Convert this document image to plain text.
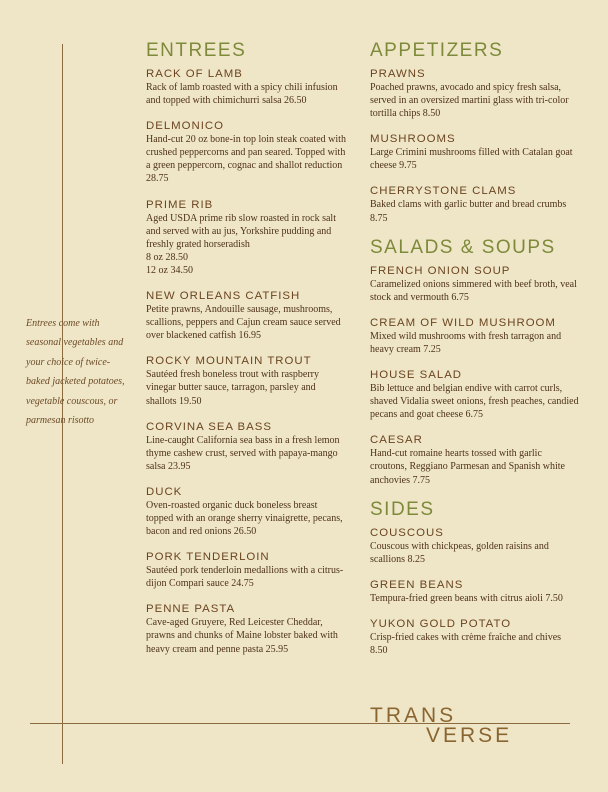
Entrees come with seasonal vegetables and your choice of twice-baked jacketed potatoes, vegetable couscous, or parmesan risotto
ENTREES
RACK OF LAMB
Rack of lamb roasted with a spicy chili infusion and topped with chimichurri salsa 26.50
DELMONICO
Hand-cut 20 oz bone-in top loin steak coated with crushed peppercorns and pan seared. Topped with a green peppercorn, cognac and shallot reduction 28.75
PRIME RIB
Aged USDA prime rib slow roasted in rock salt and served with au jus, Yorkshire pudding and freshly grated horseradish
8 oz 28.50
12 oz 34.50
NEW ORLEANS CATFISH
Petite prawns, Andouille sausage, mushrooms, scallions, peppers and Cajun cream sauce served over blackened catfish 16.95
ROCKY MOUNTAIN TROUT
Sautéed fresh boneless trout with raspberry vinegar butter sauce, tarragon, parsley and shallots 19.50
CORVINA SEA BASS
Line-caught California sea bass in a fresh lemon thyme cashew crust, served with papaya-mango salsa 23.95
DUCK
Oven-roasted organic duck boneless breast topped with an orange sherry vinaigrette, pecans, bacon and red onions 26.50
PORK TENDERLOIN
Sautéed pork tenderloin medallions with a citrus-dijon Compari sauce 24.75
PENNE PASTA
Cave-aged Gruyere, Red Leicester Cheddar, prawns and chunks of Maine lobster baked with heavy cream and penne pasta 25.95
APPETIZERS
PRAWNS
Poached prawns, avocado and spicy fresh salsa, served in an oversized martini glass with tri-color tortilla chips 8.50
MUSHROOMS
Large Crimini mushrooms filled with Catalan goat cheese 9.75
CHERRYSTONE CLAMS
Baked clams with garlic butter and bread crumbs 8.75
SALADS & SOUPS
FRENCH ONION SOUP
Caramelized onions simmered with beef broth, veal stock and vermouth 6.75
CREAM OF WILD MUSHROOM
Mixed wild mushrooms with fresh tarragon and heavy cream 7.25
HOUSE SALAD
Bib lettuce and belgian endive with carrot curls, shaved Vidalia sweet onions, fresh peaches, candied pecans and goat cheese 6.75
CAESAR
Hand-cut romaine hearts tossed with garlic croutons, Reggiano Parmesan and Spanish white anchovies 7.75
SIDES
COUSCOUS
Couscous with chickpeas, golden raisins and scallions 8.25
GREEN BEANS
Tempura-fried green beans with citrus aioli 7.50
YUKON GOLD POTATO
Crisp-fried cakes with crème fraîche and chives 8.50
TRANS
VERSE
